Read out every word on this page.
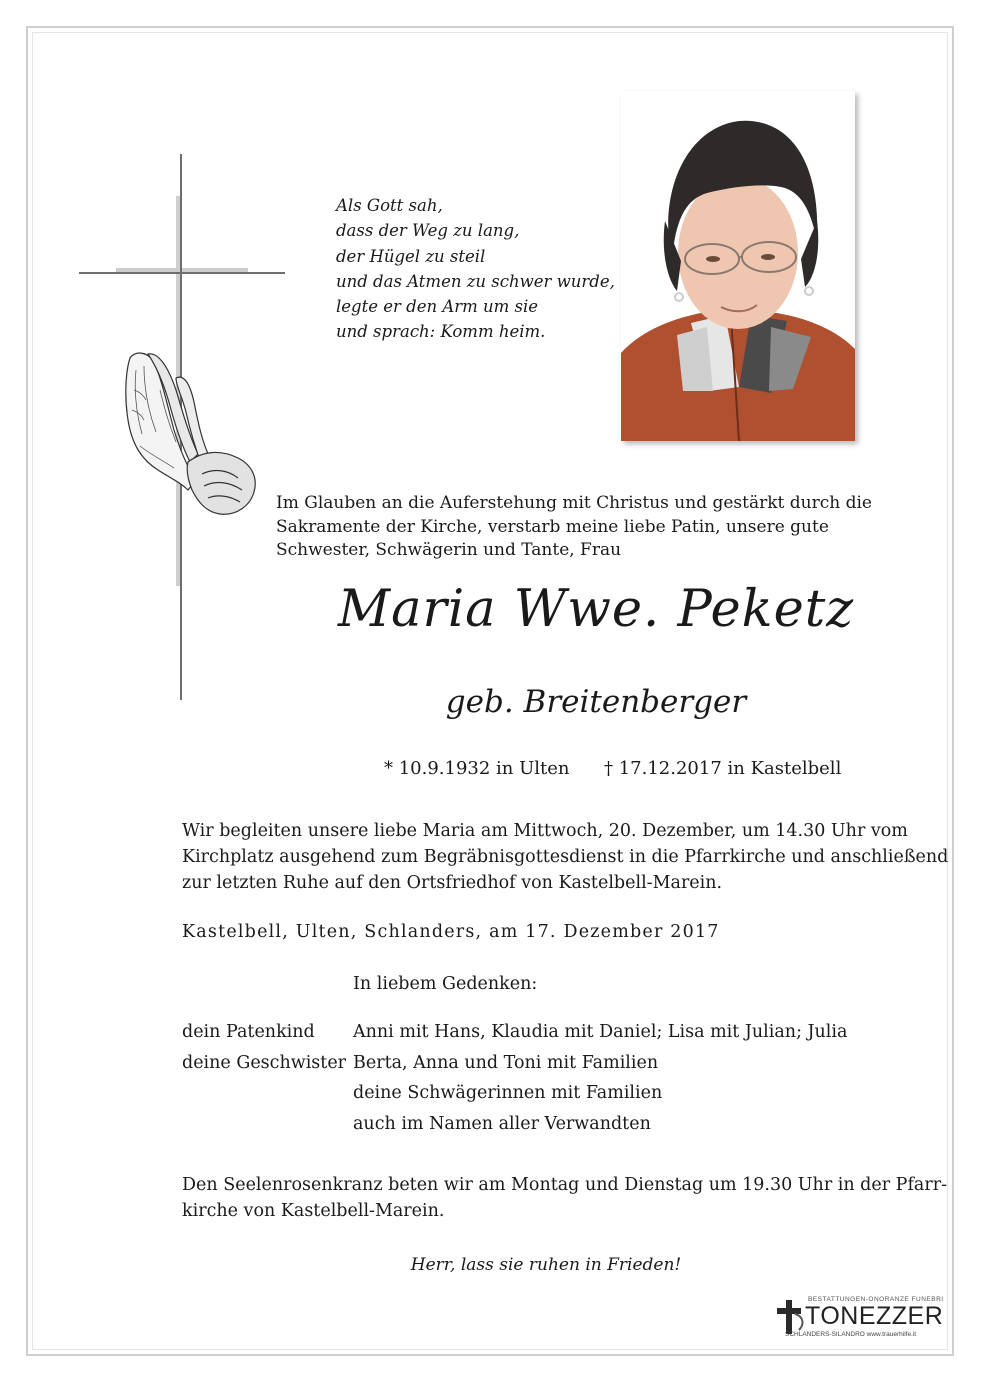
Als Gott sah,
dass der Weg zu lang,
der Hügel zu steil
und das Atmen zu schwer wurde,
legte er den Arm um sie
und sprach: Komm heim.
Im Glauben an die Auferstehung mit Christus und gestärkt durch die
Sakramente der Kirche, verstarb meine liebe Patin, unsere gute
Schwester, Schwägerin und Tante, Frau
Maria Wwe. Peketz
geb. Breitenberger
* 10.9.1932 in Ulten † 17.12.2017 in Kastelbell
Wir begleiten unsere liebe Maria am Mittwoch, 20. Dezember, um 14.30 Uhr vom
Kirchplatz ausgehend zum Begräbnisgottesdienst in die Pfarrkirche und anschließend
zur letzten Ruhe auf den Ortsfriedhof von Kastelbell-Marein.
Kastelbell, Ulten, Schlanders, am 17. Dezember 2017
In liebem Gedenken:
dein Patenkind	Anni mit Hans, Klaudia mit Daniel; Lisa mit Julian; Julia
deine Geschwister Berta, Anna und Toni mit Familien
deine Schwägerinnen mit Familien
auch im Namen aller Verwandten
Den Seelenrosenkranz beten wir am Montag und Dienstag um 19.30 Uhr in der Pfarr-
kirche von Kastelbell-Marein.
Herr, lass sie ruhen in Frieden!
BESTATTUNGEN-ONORANZE FUNEBRI
TONEZZER
SCHLANDERS-SILANDRO www.trauerhilfe.it
